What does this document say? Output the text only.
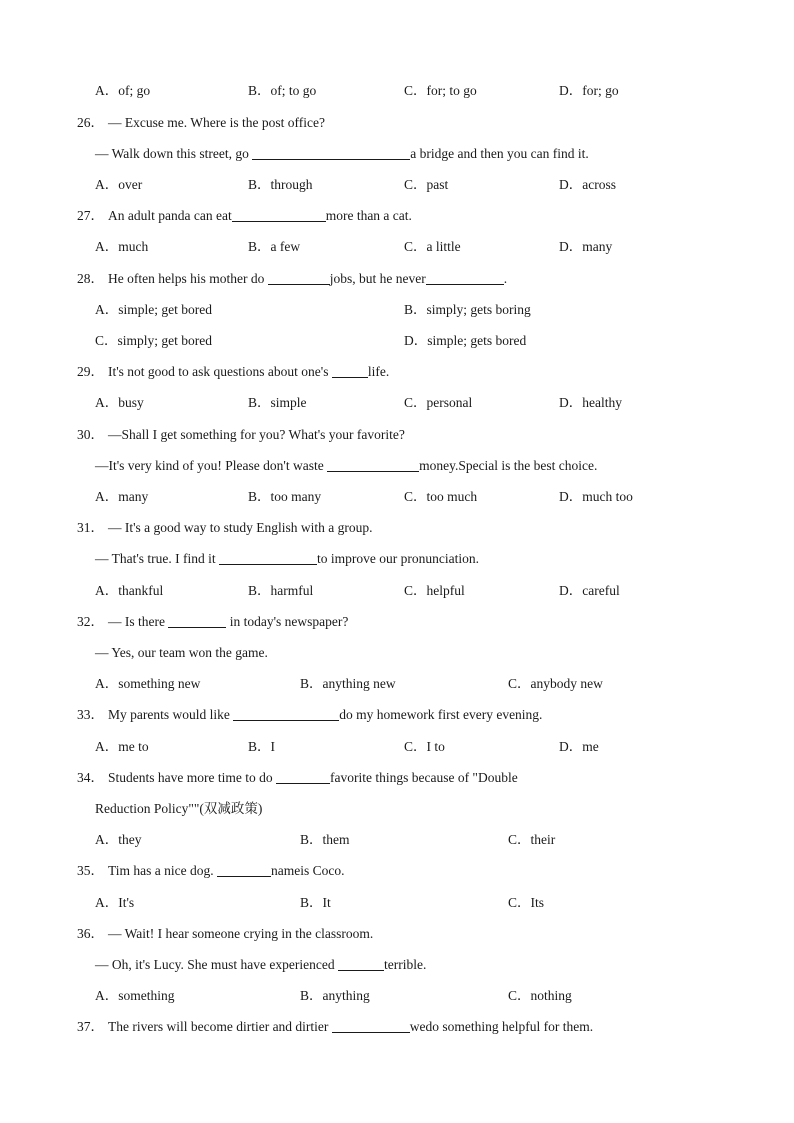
A．of; go	B．of; to go	C．for; to go	D．for; go
26． — Excuse me. Where is the post office?
— Walk down this street, go	a bridge and then you can find it.
A．over	B．through	C．past	D．across
27． An adult panda can eat	more than a cat.
A．much	B．a few	C．a little	D．many
28． He often helps his mother do	jobs, but he never	.
A．simple; get bored	B．simply; gets boring
C．simply; get bored	D．simple; gets bored
29． It's not good to ask questions about one's	life.
A．busy	B．simple	C．personal	D．healthy
30． —Shall I get something for you? What's your favorite?
—It's very kind of you! Please don't waste	money.Special is the best choice.
A．many	B．too many	C．too much	D．much too
31． — It's a good way to study English with a group.
— That's true. I find it	to improve our pronunciation.
A．thankful	B．harmful	C．helpful	D．careful
32． — Is there	in today's newspaper?
— Yes, our team won the game.
A．something new	B．anything new	C．anybody new
33． My parents would like	do my homework first every evening.
A．me to	B．I	C．I to	D．me
34． Students have more time to do	favorite things because of "Double
Reduction Policy""(双减政策)
A．they	B．them	C．their
35． Tim has a nice dog.	nameis Coco.
A．It's	B．It	C．Its
36． — Wait! I hear someone crying in the classroom.
— Oh, it's Lucy. She must have experienced	terrible.
A．something	B．anything	C．nothing
37． The rivers will become dirtier and dirtier	wedo something helpful for them.
